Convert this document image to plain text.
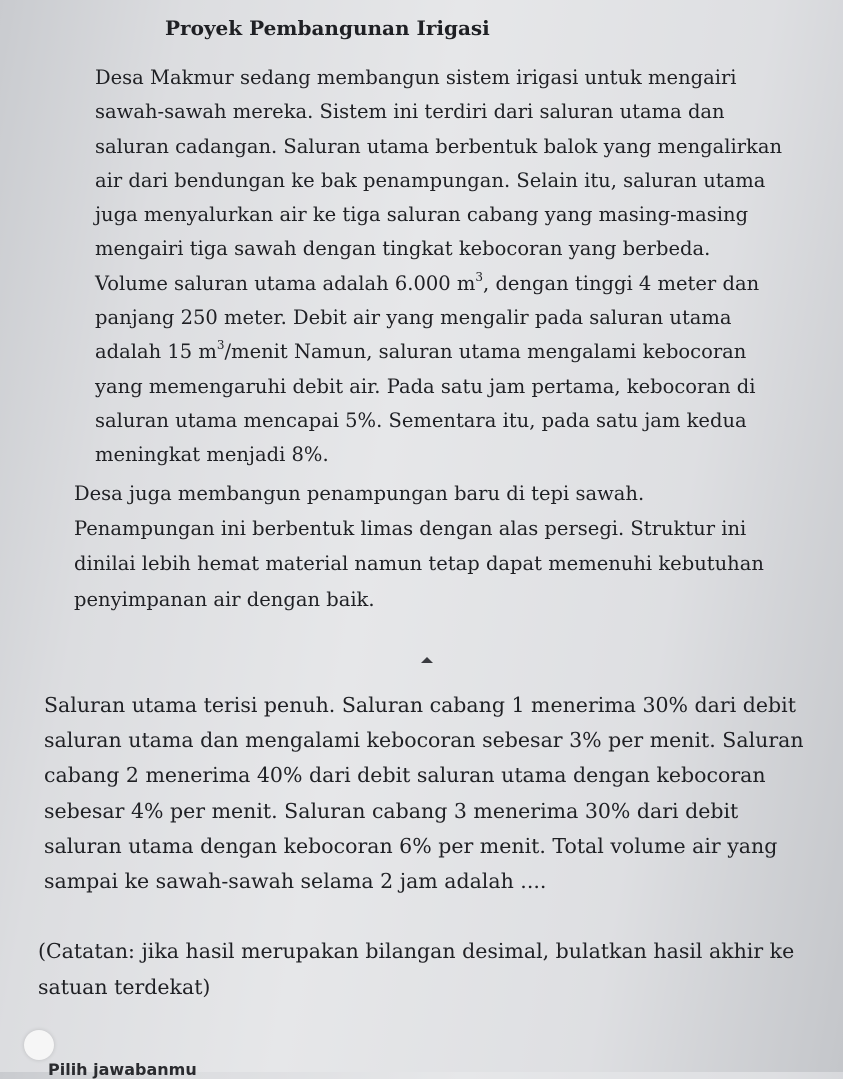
Proyek Pembangunan Irigasi

Desa Makmur sedang membangun sistem irigasi untuk mengairi sawah-sawah mereka. Sistem ini terdiri dari saluran utama dan saluran cadangan. Saluran utama berbentuk balok yang mengalirkan air dari bendungan ke bak penampungan. Selain itu, saluran utama juga menyalurkan air ke tiga saluran cabang yang masing-masing mengairi tiga sawah dengan tingkat kebocoran yang berbeda. Volume saluran utama adalah 6.000 $m^3$, dengan tinggi 4 meter dan panjang 250 meter. Debit air yang mengalir pada saluran utama adalah 15 $m^3$/menit Namun, saluran utama mengalami kebocoran yang memengaruhi debit air. Pada satu jam pertama, kebocoran di saluran utama mencapai 5%. Sementara itu, pada satu jam kedua meningkat menjadi 8%.

Desa juga membangun penampungan baru di tepi sawah. Penampungan ini berbentuk limas dengan alas persegi. Struktur ini dinilai lebih hemat material namun tetap dapat memenuhi kebutuhan penyimpanan air dengan baik.

Saluran utama terisi penuh. Saluran cabang 1 menerima 30% dari debit saluran utama dan mengalami kebocoran sebesar 3% per menit. Saluran cabang 2 menerima 40% dari debit saluran utama dengan kebocoran sebesar 4% per menit. Saluran cabang 3 menerima 30% dari debit saluran utama dengan kebocoran 6% per menit. Total volume air yang sampai ke sawah-sawah selama 2 jam adalah ....

(Catatan: jika hasil merupakan bilangan desimal, bulatkan hasil akhir ke satuan terdekat)

Pilih jawabanmu
